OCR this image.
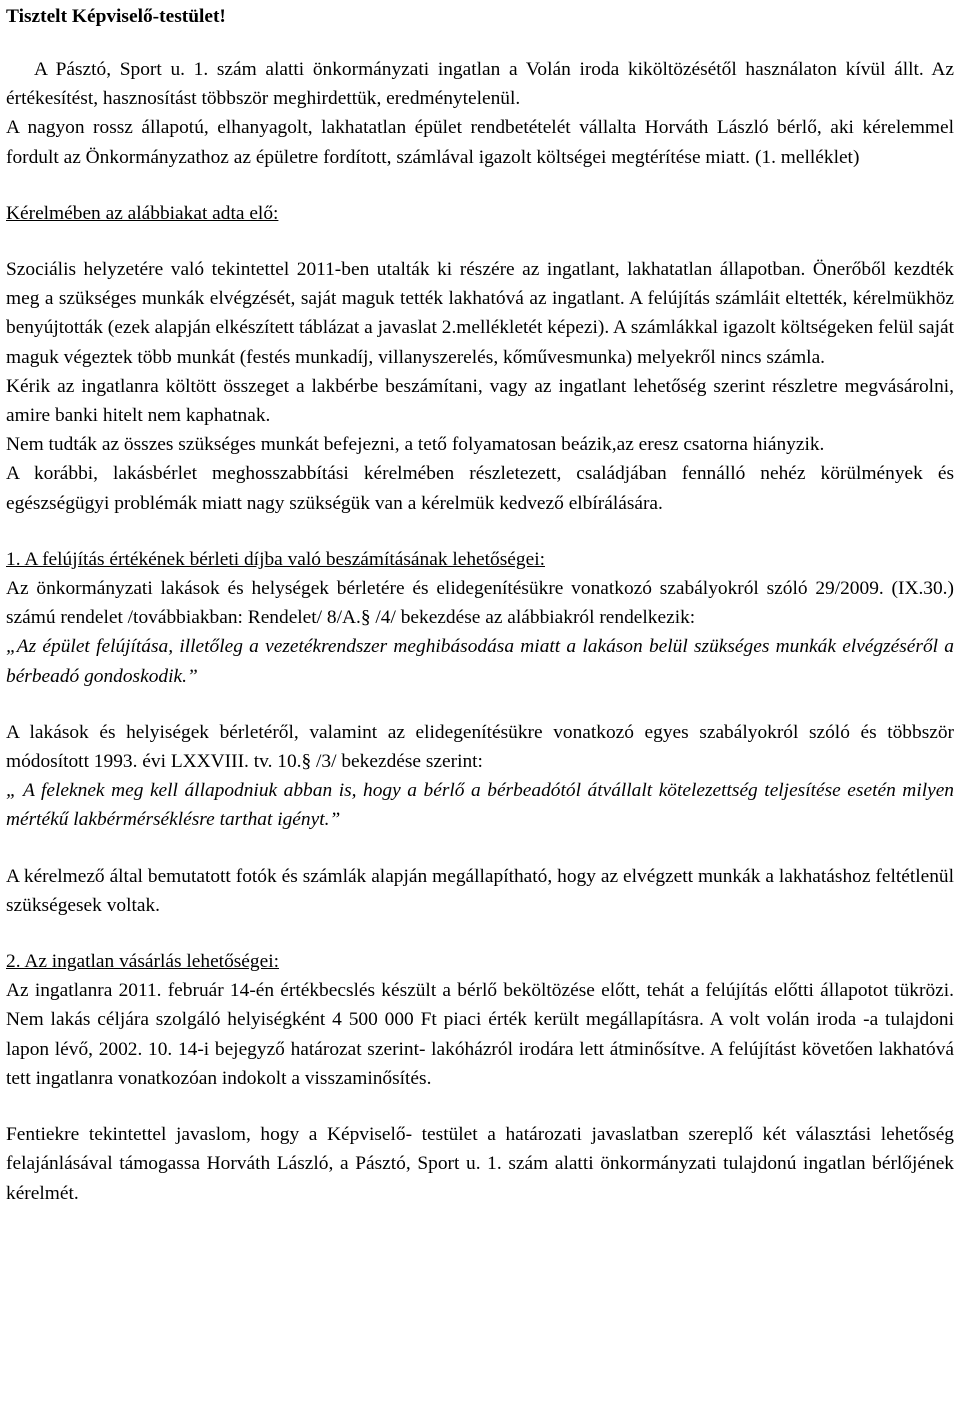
Tisztelt Képviselő-testület!

A Pásztó, Sport u. 1. szám alatti önkormányzati ingatlan a Volán iroda kiköltözésétől használaton kívül állt. Az értékesítést, hasznosítást többször meghirdettük, eredménytelenül.

A nagyon rossz állapotú, elhanyagolt, lakhatatlan épület rendbetételét vállalta Horváth László bérlő, aki kérelemmel fordult az Önkormányzathoz az épületre fordított, számlával igazolt költségei megtérítése miatt. (1. melléklet)

Kérelmében az alábbiakat adta elő:

Szociális helyzetére való tekintettel 2011-ben utalták ki részére az ingatlant, lakhatatlan állapotban. Önerőből kezdték meg a szükséges munkák elvégzését, saját maguk tették lakhatóvá az ingatlant. A felújítás számláit eltették, kérelmükhöz benyújtották (ezek alapján elkészített táblázat a javaslat 2.mellékletét képezi). A számlákkal igazolt költségeken felül saját maguk végeztek több munkát (festés munkadíj, villanyszerelés, kőművesmunka) melyekről nincs számla.

Kérik az ingatlanra költött összeget a lakbérbe beszámítani, vagy az ingatlant lehetőség szerint részletre megvásárolni, amire banki hitelt nem kaphatnak.

Nem tudták az összes szükséges munkát befejezni, a tető folyamatosan beázik,az eresz csatorna hiányzik.

A korábbi, lakásbérlet meghosszabbítási kérelmében részletezett, családjában fennálló nehéz körülmények és egészségügyi problémák miatt nagy szükségük van a kérelmük kedvező elbírálására.

1. A felújítás értékének bérleti díjba való beszámításának lehetőségei:

Az önkormányzati lakások és helységek bérletére és elidegenítésükre vonatkozó szabályokról szóló 29/2009. (IX.30.) számú rendelet /továbbiakban: Rendelet/ 8/A.§ /4/ bekezdése az alábbiakról rendelkezik:

„Az épület felújítása, illetőleg a vezetékrendszer meghibásodása miatt a lakáson belül szükséges munkák elvégzéséről a bérbeadó gondoskodik.”

A lakások és helyiségek bérletéről, valamint az elidegenítésükre vonatkozó egyes szabályokról szóló és többször módosított 1993. évi LXXVIII. tv. 10.§ /3/ bekezdése szerint:

„ A feleknek meg kell állapodniuk abban is, hogy a bérlő a bérbeadótól átvállalt kötelezettség teljesítése esetén milyen mértékű lakbérmérséklésre tarthat igényt.”

A kérelmező által bemutatott fotók és számlák alapján megállapítható, hogy az elvégzett munkák a lakhatáshoz feltétlenül szükségesek voltak.

2. Az ingatlan vásárlás lehetőségei:

Az ingatlanra 2011. február 14-én értékbecslés készült a bérlő beköltözése előtt, tehát a felújítás előtti állapotot tükrözi. Nem lakás céljára szolgáló helyiségként 4 500 000 Ft piaci érték került megállapításra. A volt volán iroda -a tulajdoni lapon lévő, 2002. 10. 14-i bejegyző határozat szerint- lakóházról irodára lett átminősítve. A felújítást követően lakhatóvá tett ingatlanra vonatkozóan indokolt a visszaminősítés.

Fentiekre tekintettel javaslom, hogy a Képviselő- testület a határozati javaslatban szereplő két választási lehetőség felajánlásával támogassa Horváth László, a Pásztó, Sport u. 1. szám alatti önkormányzati tulajdonú ingatlan bérlőjének kérelmét.
